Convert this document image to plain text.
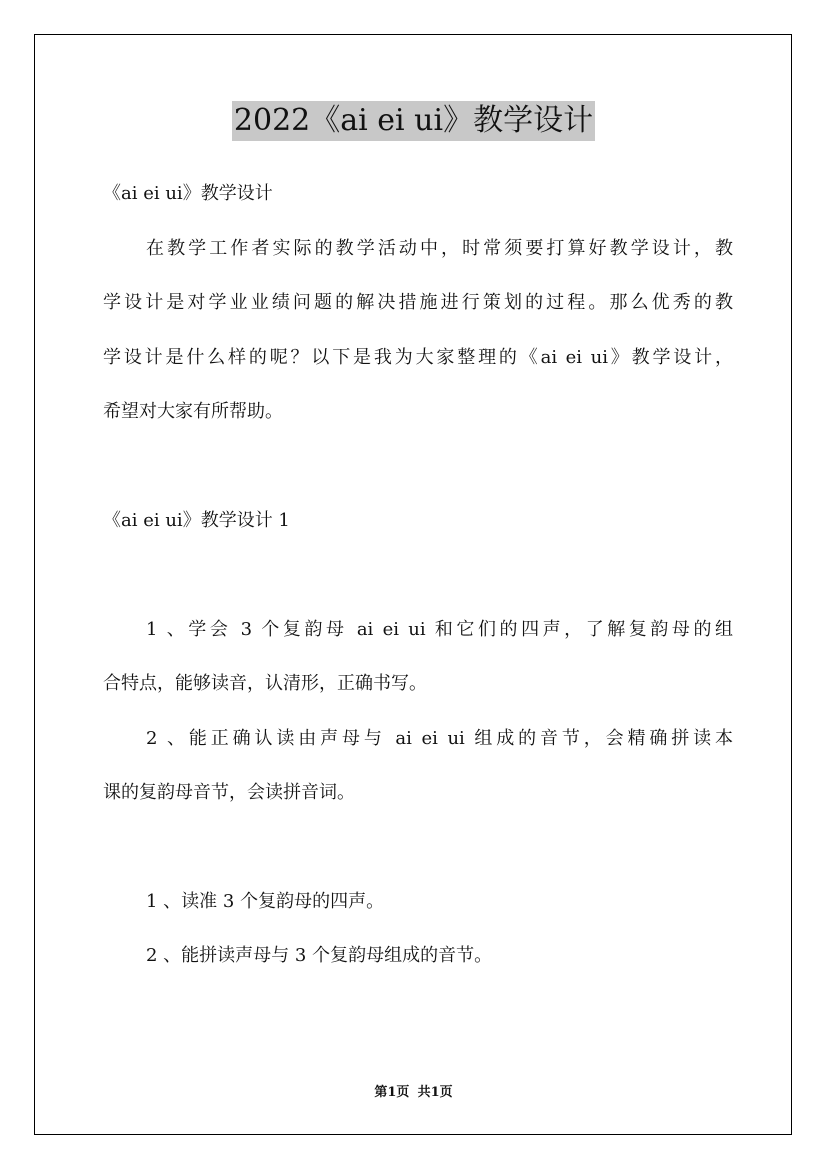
2022《ai ei ui》教学设计
《ai ei ui》教学设计
在教学工作者实际的教学活动中，时常须要打算好教学设计，教
学设计是对学业业绩问题的解决措施进行策划的过程。那么优秀的教
学设计是什么样的呢？以下是我为大家整理的《ai ei ui》教学设计，
希望对大家有所帮助。
《ai ei ui》教学设计 1
1 、学会 3 个复韵母 ai ei ui 和它们的四声，了解复韵母的组
合特点，能够读音，认清形，正确书写。
2 、能正确认读由声母与 ai ei ui 组成的音节，会精确拼读本
课的复韵母音节，会读拼音词。
1 、读准 3 个复韵母的四声。
2 、能拼读声母与 3 个复韵母组成的音节。
第1页 共1页
